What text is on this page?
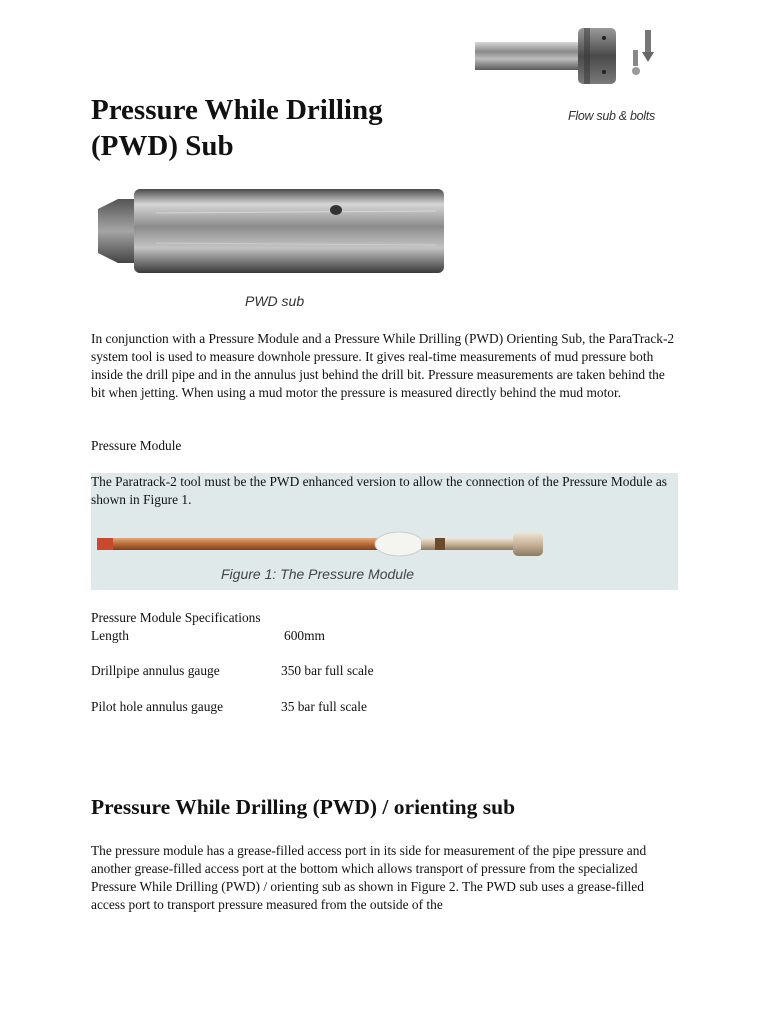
Flow sub & bolts
Pressure While Drilling
(PWD) Sub
PWD sub

In conjunction with a Pressure Module and a Pressure While Drilling (PWD) Orienting Sub, the ParaTrack-2 system tool is used to measure downhole pressure. It gives real-time measurements of mud pressure both inside the drill pipe and in the annulus just behind the drill bit. Pressure measurements are taken behind the bit when jetting. When using a mud motor the pressure is measured directly behind the mud motor.

Pressure Module

The Paratrack-2 tool must be the PWD enhanced version to allow the connection of the Pressure Module as shown in Figure 1.

Figure 1: The Pressure Module
Pressure Module Specifications
Length	600mm
Drillpipe annulus gauge	350 bar full scale
Pilot hole annulus gauge	35 bar full scale
Pressure While Drilling (PWD) / orienting sub

The pressure module has a grease-filled access port in its side for measurement of the pipe pressure and another grease-filled access port at the bottom which allows transport of pressure from the specialized Pressure While Drilling (PWD) / orienting sub as shown in Figure 2. The PWD sub uses a grease-filled access port to transport pressure measured from the outside of the
